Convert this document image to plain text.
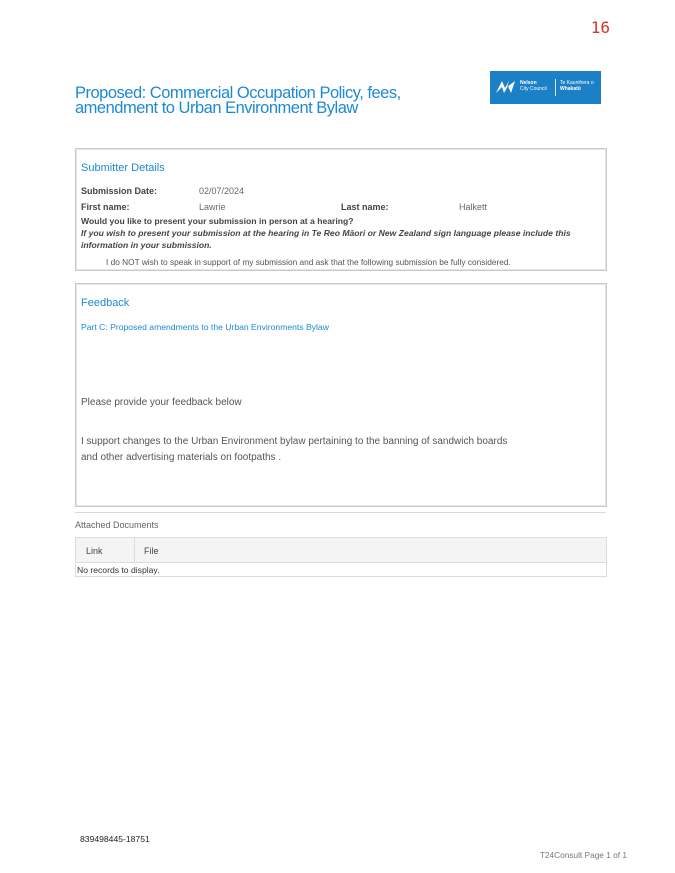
16
Proposed: Commercial Occupation Policy, fees, amendment to Urban Environment Bylaw
Nelson
City Council
Te Kaunihera o
Whakatū
Submitter Details
Submission Date:	02/07/2024
First name:	Lawrie	Last name:	Halkett
Would you like to present your submission in person at a hearing?
If you wish to present your submission at the hearing in Te Reo Māori or New Zealand sign language please include this information in your submission.
I do NOT wish to speak in support of my submission and ask that the following submission be fully considered.
Feedback
Part C: Proposed amendments to the Urban Environments Bylaw
Please provide your feedback below
I support changes to the Urban Environment bylaw pertaining to the banning of sandwich boards
and other advertising materials on footpaths .
Attached Documents
Link	File
No records to display.
839498445-18751
T24Consult Page 1 of 1
